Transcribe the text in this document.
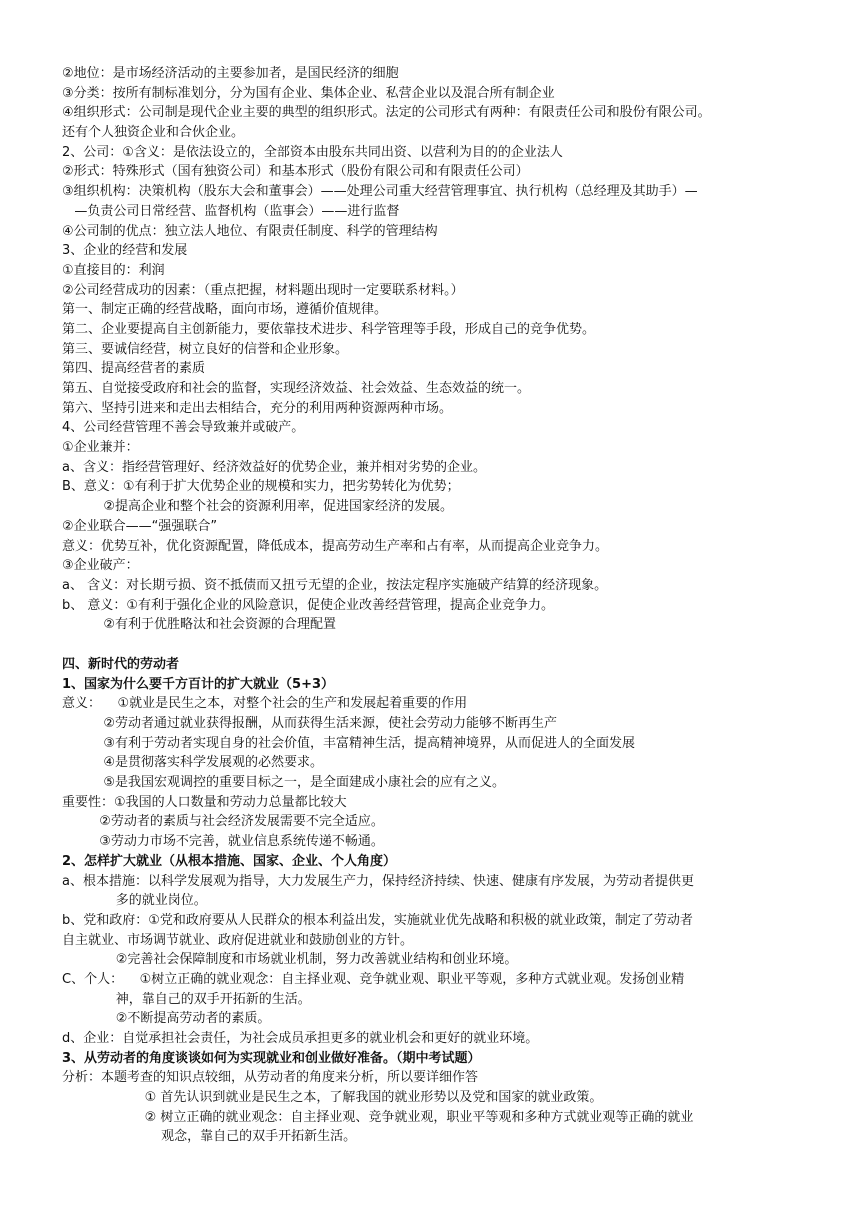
②地位：是市场经济活动的主要参加者，是国民经济的细胞
③分类：按所有制标准划分，分为国有企业、集体企业、私营企业以及混合所有制企业
④组织形式：公司制是现代企业主要的典型的组织形式。法定的公司形式有两种：有限责任公司和股份有限公司。
还有个人独资企业和合伙企业。
2、公司：①含义：是依法设立的，全部资本由股东共同出资、以营利为目的的企业法人
②形式：特殊形式（国有独资公司）和基本形式（股份有限公司和有限责任公司）
③组织机构：决策机构（股东大会和董事会）——处理公司重大经营管理事宜、执行机构（总经理及其助手）—
—负责公司日常经营、监督机构（监事会）——进行监督
④公司制的优点：独立法人地位、有限责任制度、科学的管理结构
3、企业的经营和发展
①直接目的：利润
②公司经营成功的因素：（重点把握，材料题出现时一定要联系材料。）
第一、制定正确的经营战略，面向市场，遵循价值规律。
第二、企业要提高自主创新能力，要依靠技术进步、科学管理等手段，形成自己的竞争优势。
第三、要诚信经营，树立良好的信誉和企业形象。
第四、提高经营者的素质
第五、自觉接受政府和社会的监督，实现经济效益、社会效益、生态效益的统一。
第六、坚持引进来和走出去相结合，充分的利用两种资源两种市场。
4、公司经营管理不善会导致兼并或破产。
①企业兼并：
a、含义：指经营管理好、经济效益好的优势企业，兼并相对劣势的企业。
B、意义：①有利于扩大优势企业的规模和实力，把劣势转化为优势；
②提高企业和整个社会的资源利用率，促进国家经济的发展。
②企业联合——“强强联合”
意义：优势互补，优化资源配置，降低成本，提高劳动生产率和占有率，从而提高企业竞争力。
③企业破产：
a、 含义：对长期亏损、资不抵债而又扭亏无望的企业，按法定程序实施破产结算的经济现象。
b、 意义：①有利于强化企业的风险意识，促使企业改善经营管理，提高企业竞争力。
②有利于优胜略汰和社会资源的合理配置
四、新时代的劳动者
1、国家为什么要千方百计的扩大就业（5+3）
意义：    ①就业是民生之本，对整个社会的生产和发展起着重要的作用
②劳动者通过就业获得报酬，从而获得生活来源，使社会劳动力能够不断再生产
③有利于劳动者实现自身的社会价值，丰富精神生活，提高精神境界，从而促进人的全面发展
④是贯彻落实科学发展观的必然要求。
⑤是我国宏观调控的重要目标之一，是全面建成小康社会的应有之义。
重要性：①我国的人口数量和劳动力总量都比较大
②劳动者的素质与社会经济发展需要不完全适应。
③劳动力市场不完善，就业信息系统传递不畅通。
2、怎样扩大就业（从根本措施、国家、企业、个人角度）
a、根本措施：以科学发展观为指导，大力发展生产力，保持经济持续、快速、健康有序发展，为劳动者提供更
多的就业岗位。
b、党和政府：①党和政府要从人民群众的根本利益出发，实施就业优先战略和积极的就业政策，制定了劳动者
自主就业、市场调节就业、政府促进就业和鼓励创业的方针。
②完善社会保障制度和市场就业机制，努力改善就业结构和创业环境。
C、个人：    ①树立正确的就业观念：自主择业观、竞争就业观、职业平等观，多种方式就业观。发扬创业精
神，靠自己的双手开拓新的生活。
②不断提高劳动者的素质。
d、企业：自觉承担社会责任，为社会成员承担更多的就业机会和更好的就业环境。
3、从劳动者的角度谈谈如何为实现就业和创业做好准备。（期中考试题）
分析：本题考查的知识点较细，从劳动者的角度来分析，所以要详细作答
① 首先认识到就业是民生之本，了解我国的就业形势以及党和国家的就业政策。
② 树立正确的就业观念：自主择业观、竞争就业观，职业平等观和多种方式就业观等正确的就业
观念，靠自己的双手开拓新生活。
